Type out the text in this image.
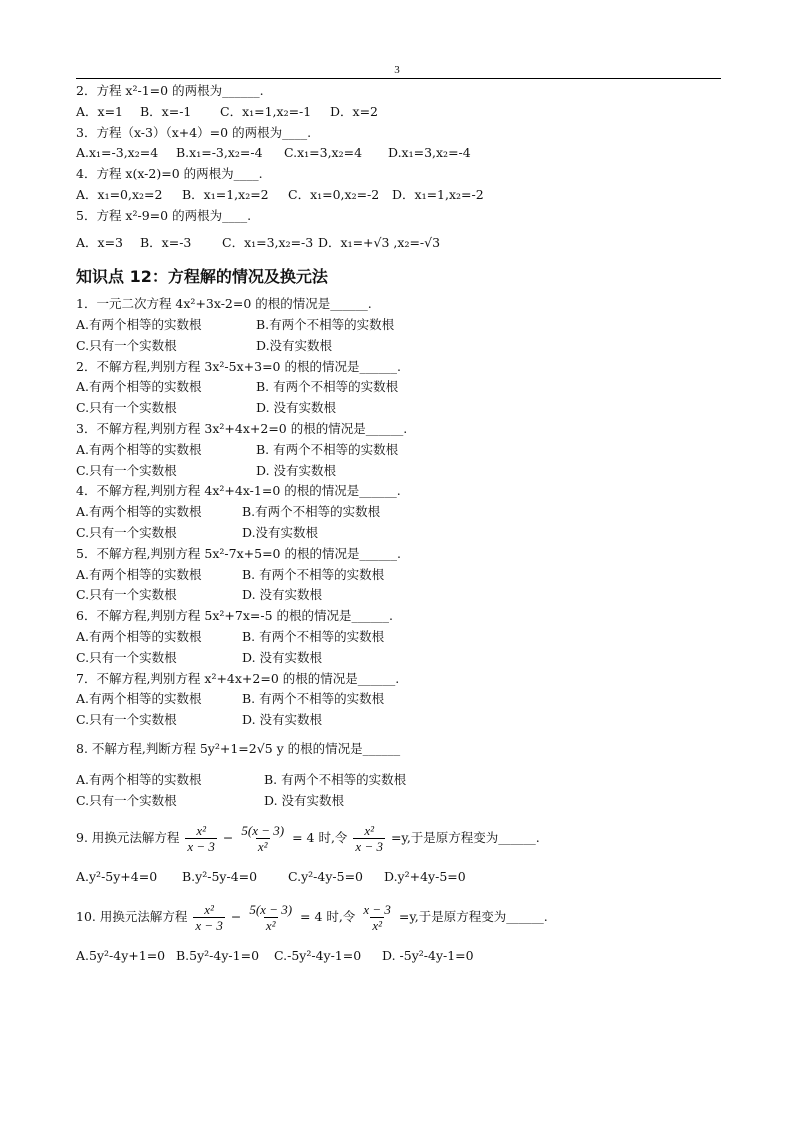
3
2．方程 x²-1=0 的两根为______.
A．x=1	B．x=-1	C．x₁=1,x₂=-1	D．x=2
3．方程（x-3）（x+4）=0 的两根为____.
A.x₁=-3,x₂=4	B.x₁=-3,x₂=-4	C.x₁=3,x₂=4	D.x₁=3,x₂=-4
4．方程 x(x-2)=0 的两根为____.
A．x₁=0,x₂=2	B．x₁=1,x₂=2	C．x₁=0,x₂=-2	D．x₁=1,x₂=-2
5．方程 x²-9=0 的两根为____.
A．x=3	B．x=-3	C．x₁=3,x₂=-3 D．x₁=+√3 ,x₂=-√3
知识点 12：方程解的情况及换元法
1．一元二次方程 4x²+3x-2=0 的根的情况是______.
A.有两个相等的实数根	B.有两个不相等的实数根
C.只有一个实数根	D.没有实数根
2．不解方程,判别方程 3x²-5x+3=0 的根的情况是______.
A.有两个相等的实数根	B. 有两个不相等的实数根
C.只有一个实数根	D. 没有实数根
3．不解方程,判别方程 3x²+4x+2=0 的根的情况是______.
A.有两个相等的实数根	B. 有两个不相等的实数根
C.只有一个实数根	D. 没有实数根
4．不解方程,判别方程 4x²+4x-1=0 的根的情况是______.
A.有两个相等的实数根	B.有两个不相等的实数根
C.只有一个实数根	D.没有实数根
5．不解方程,判别方程 5x²-7x+5=0 的根的情况是______.
A.有两个相等的实数根	B. 有两个不相等的实数根
C.只有一个实数根	D. 没有实数根
6．不解方程,判别方程 5x²+7x=-5 的根的情况是______.
A.有两个相等的实数根	B. 有两个不相等的实数根
C.只有一个实数根	D. 没有实数根
7．不解方程,判别方程 x²+4x+2=0 的根的情况是______.
A.有两个相等的实数根	B. 有两个不相等的实数根
C.只有一个实数根	D. 没有实数根
8. 不解方程,判断方程 5y²+1=2√5 y 的根的情况是______
A.有两个相等的实数根	B. 有两个不相等的实数根
C.只有一个实数根	D. 没有实数根
9. 用换元法解方程 $\frac{\text{x²}}{x - 3} - \frac{5(x - 3)}{\text{x²}} = 4$ 时,令 $\frac{\text{x²}}{x - 3} =y$,于是原方程变为______.
A.y²-5y+4=0	B.y²-5y-4=0	C.y²-4y-5=0	D.y²+4y-5=0
10. 用换元法解方程 $\frac{\text{x²}}{x - 3} - \frac{5(x - 3)}{\text{x²}} = 4$ 时,令 $\frac{x - 3}{\text{x²}} =y$,于是原方程变为______.
A.5y²-4y+1=0 B.5y²-4y-1=0	C.-5y²-4y-1=0	D. -5y²-4y-1=0
